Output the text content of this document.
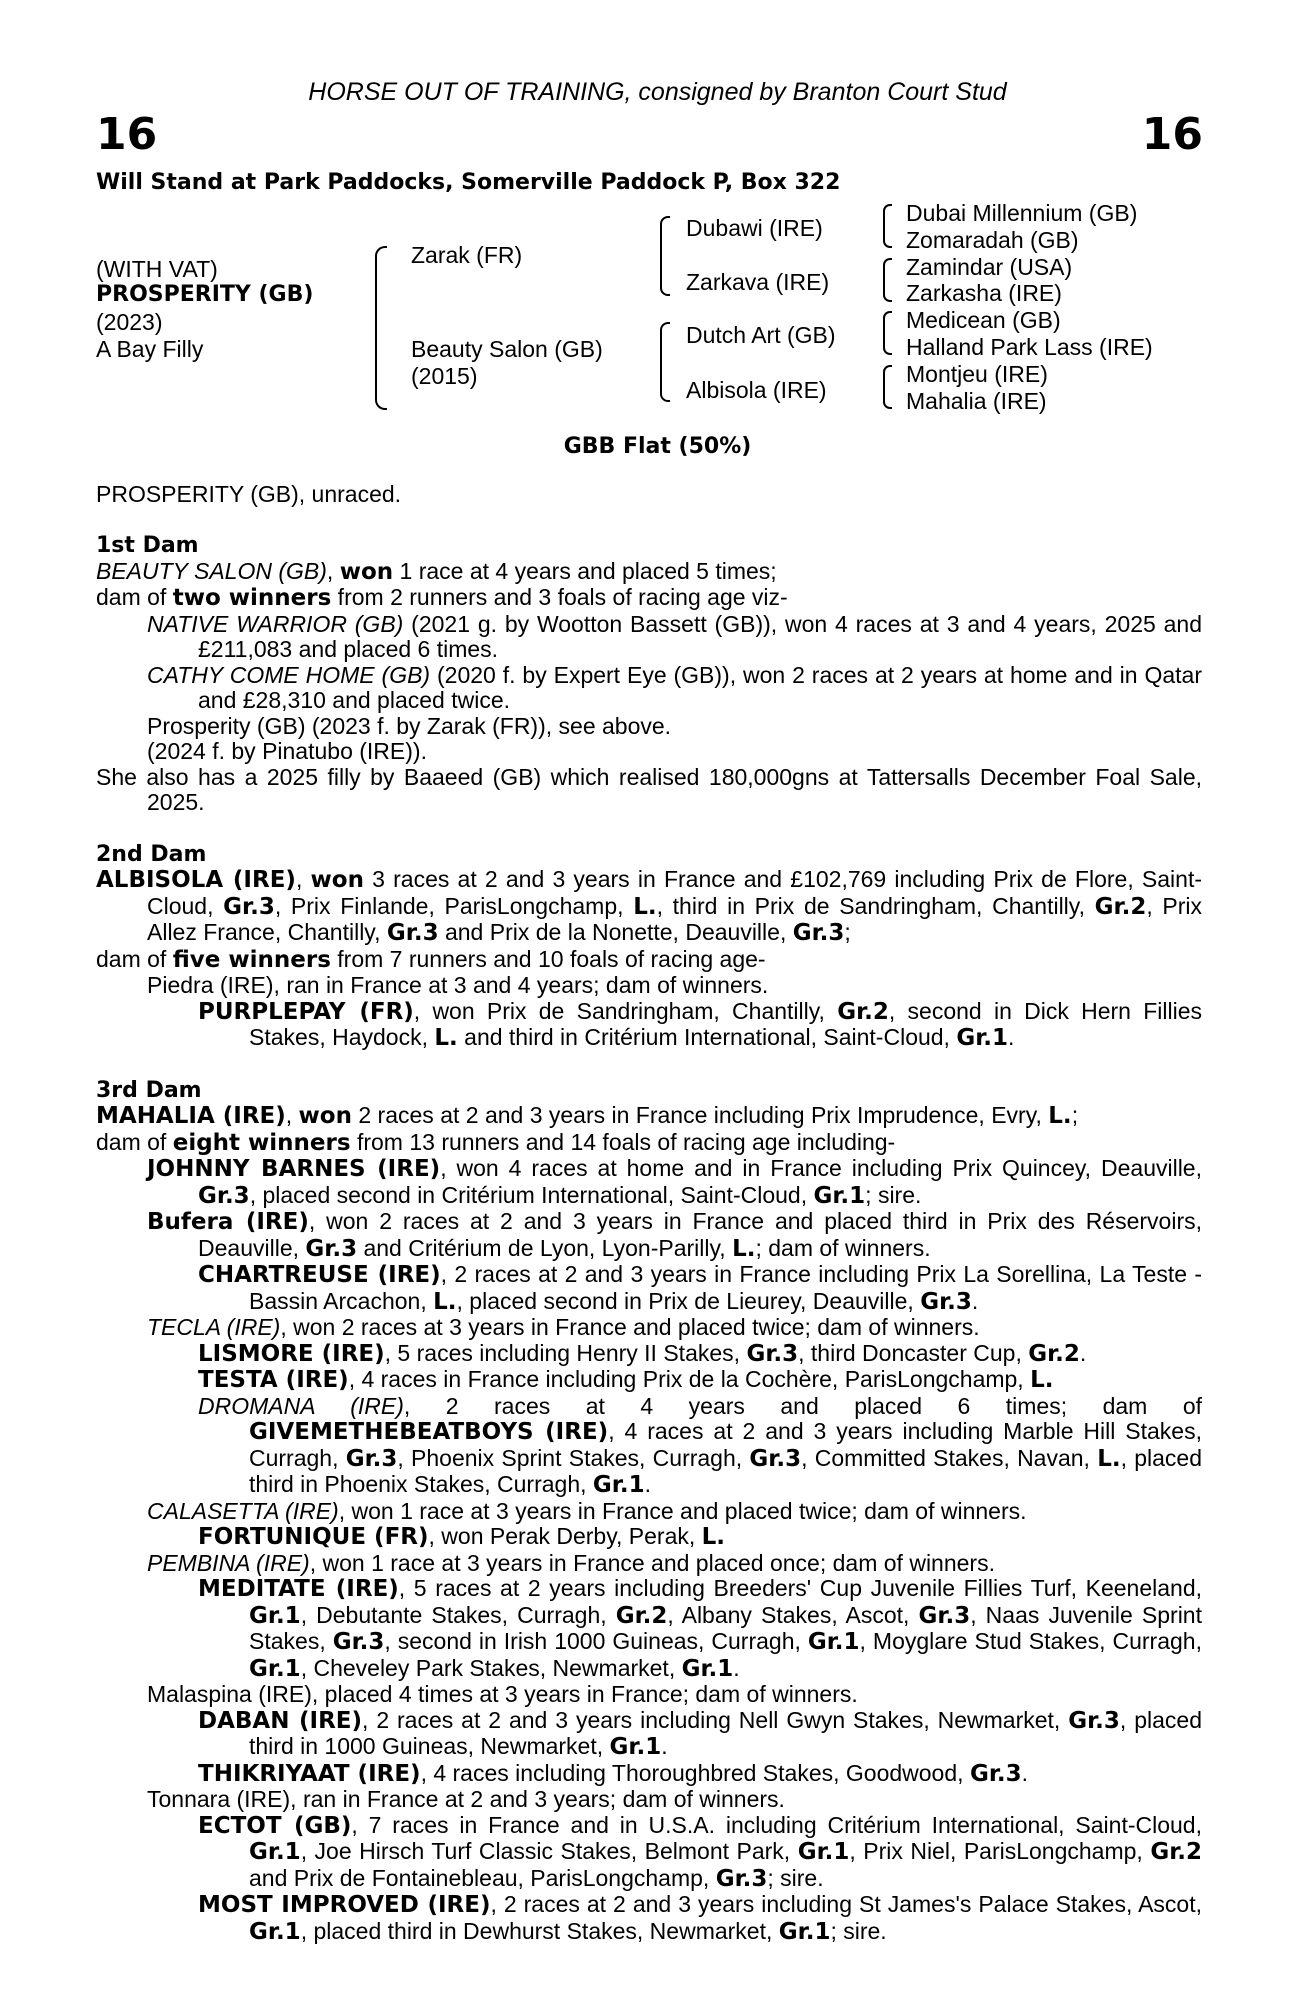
HORSE OUT OF TRAINING, consigned by Branton Court Stud
16	16
Will Stand at Park Paddocks, Somerville Paddock P, Box 322
(WITH VAT)
PROSPERITY (GB)
(2023)
A Bay Filly
Zarak (FR)
Beauty Salon (GB)
(2015)
Dubawi (IRE)
Zarkava (IRE)
Dutch Art (GB)
Albisola (IRE)
Dubai Millennium (GB)
Zomaradah (GB)
Zamindar (USA)
Zarkasha (IRE)
Medicean (GB)
Halland Park Lass (IRE)
Montjeu (IRE)
Mahalia (IRE)
GBB Flat (50%)
PROSPERITY (GB), unraced.

1st Dam

BEAUTY SALON (GB), won 1 race at 4 years and placed 5 times;

dam of two winners from 2 runners and 3 foals of racing age viz-

NATIVE WARRIOR (GB) (2021 g. by Wootton Bassett (GB)), won 4 races at 3 and 4 years, 2025 and £211,083 and placed 6 times.

CATHY COME HOME (GB) (2020 f. by Expert Eye (GB)), won 2 races at 2 years at home and in Qatar and £28,310 and placed twice.

Prosperity (GB) (2023 f. by Zarak (FR)), see above.

(2024 f. by Pinatubo (IRE)).

She also has a 2025 filly by Baaeed (GB) which realised 180,000gns at Tattersalls December Foal Sale, 2025.

2nd Dam

ALBISOLA (IRE), won 3 races at 2 and 3 years in France and £102,769 including Prix de Flore, Saint-Cloud, Gr.3, Prix Finlande, ParisLongchamp, L., third in Prix de Sandringham, Chantilly, Gr.2, Prix Allez France, Chantilly, Gr.3 and Prix de la Nonette, Deauville, Gr.3;

dam of five winners from 7 runners and 10 foals of racing age-

Piedra (IRE), ran in France at 3 and 4 years; dam of winners.

PURPLEPAY (FR), won Prix de Sandringham, Chantilly, Gr.2, second in Dick Hern Fillies Stakes, Haydock, L. and third in Critérium International, Saint-Cloud, Gr.1.

3rd Dam

MAHALIA (IRE), won 2 races at 2 and 3 years in France including Prix Imprudence, Evry, L.;

dam of eight winners from 13 runners and 14 foals of racing age including-

JOHNNY BARNES (IRE), won 4 races at home and in France including Prix Quincey, Deauville, Gr.3, placed second in Critérium International, Saint-Cloud, Gr.1; sire.

Bufera (IRE), won 2 races at 2 and 3 years in France and placed third in Prix des Réservoirs, Deauville, Gr.3 and Critérium de Lyon, Lyon-Parilly, L.; dam of winners.

CHARTREUSE (IRE), 2 races at 2 and 3 years in France including Prix La Sorellina, La Teste - Bassin Arcachon, L., placed second in Prix de Lieurey, Deauville, Gr.3.

TECLA (IRE), won 2 races at 3 years in France and placed twice; dam of winners.

LISMORE (IRE), 5 races including Henry II Stakes, Gr.3, third Doncaster Cup, Gr.2.

TESTA (IRE), 4 races in France including Prix de la Cochère, ParisLongchamp, L.

DROMANA (IRE), 2 races at 4 years and placed 6 times; dam of

GIVEMETHEBEATBOYS (IRE), 4 races at 2 and 3 years including Marble Hill Stakes, Curragh, Gr.3, Phoenix Sprint Stakes, Curragh, Gr.3, Committed Stakes, Navan, L., placed third in Phoenix Stakes, Curragh, Gr.1.

CALASETTA (IRE), won 1 race at 3 years in France and placed twice; dam of winners.

FORTUNIQUE (FR), won Perak Derby, Perak, L.

PEMBINA (IRE), won 1 race at 3 years in France and placed once; dam of winners.

MEDITATE (IRE), 5 races at 2 years including Breeders' Cup Juvenile Fillies Turf, Keeneland, Gr.1, Debutante Stakes, Curragh, Gr.2, Albany Stakes, Ascot, Gr.3, Naas Juvenile Sprint Stakes, Gr.3, second in Irish 1000 Guineas, Curragh, Gr.1, Moyglare Stud Stakes, Curragh, Gr.1, Cheveley Park Stakes, Newmarket, Gr.1.

Malaspina (IRE), placed 4 times at 3 years in France; dam of winners.

DABAN (IRE), 2 races at 2 and 3 years including Nell Gwyn Stakes, Newmarket, Gr.3, placed third in 1000 Guineas, Newmarket, Gr.1.

THIKRIYAAT (IRE), 4 races including Thoroughbred Stakes, Goodwood, Gr.3.

Tonnara (IRE), ran in France at 2 and 3 years; dam of winners.

ECTOT (GB), 7 races in France and in U.S.A. including Critérium International, Saint-Cloud, Gr.1, Joe Hirsch Turf Classic Stakes, Belmont Park, Gr.1, Prix Niel, ParisLongchamp, Gr.2 and Prix de Fontainebleau, ParisLongchamp, Gr.3; sire.

MOST IMPROVED (IRE), 2 races at 2 and 3 years including St James's Palace Stakes, Ascot, Gr.1, placed third in Dewhurst Stakes, Newmarket, Gr.1; sire.
